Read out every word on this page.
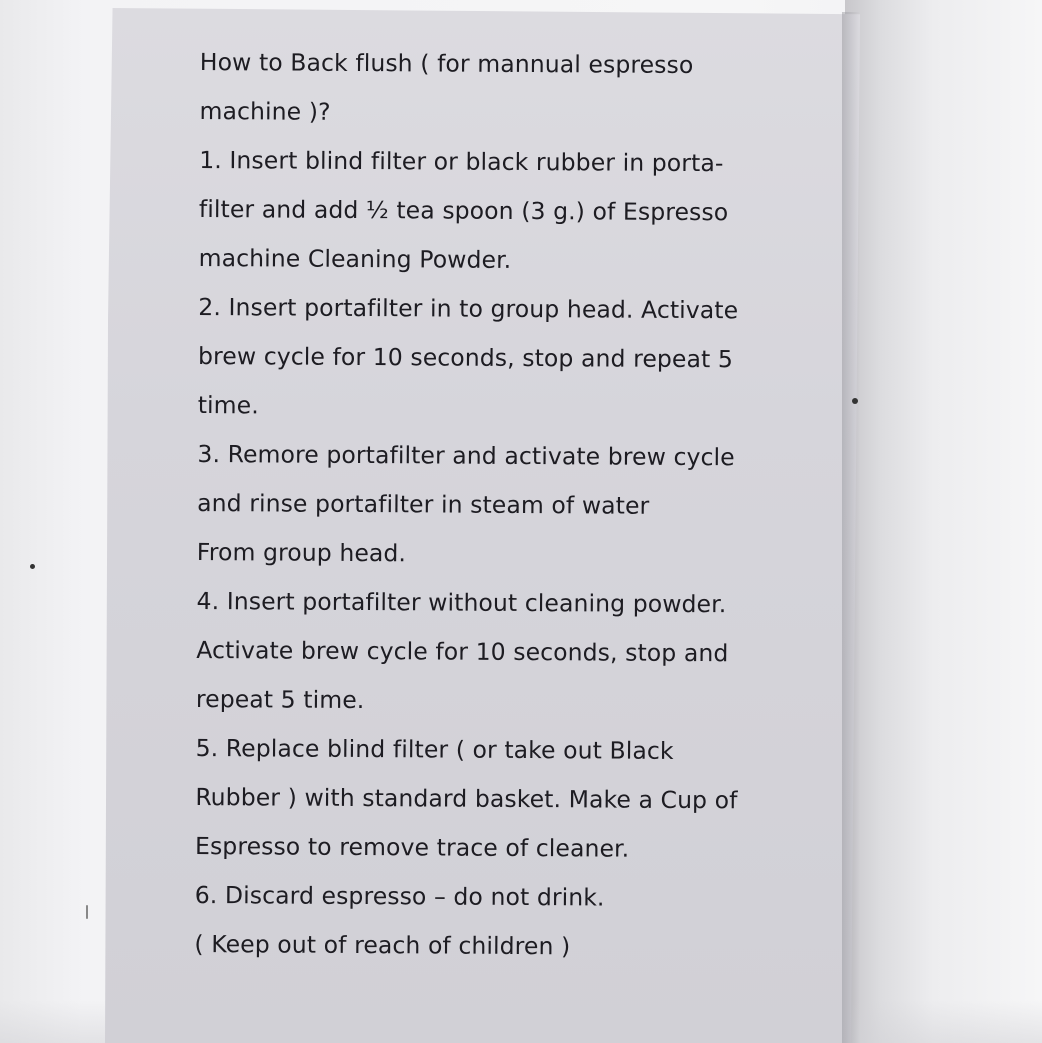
How to Back flush ( for mannual espresso
machine )?
1. Insert blind filter or black rubber in porta-
filter and add ½ tea spoon (3 g.) of Espresso
machine Cleaning Powder.
2. Insert portafilter in to group head. Activate
brew cycle for 10 seconds, stop and repeat 5
time.
3. Remore portafilter and activate brew cycle
and rinse portafilter in steam of water
From group head.
4. Insert portafilter without cleaning powder.
Activate brew cycle for 10 seconds, stop and
repeat 5 time.
5. Replace blind filter ( or take out Black
Rubber ) with standard basket. Make a Cup of
Espresso to remove trace of cleaner.
6. Discard espresso – do not drink.
( Keep out of reach of children )
